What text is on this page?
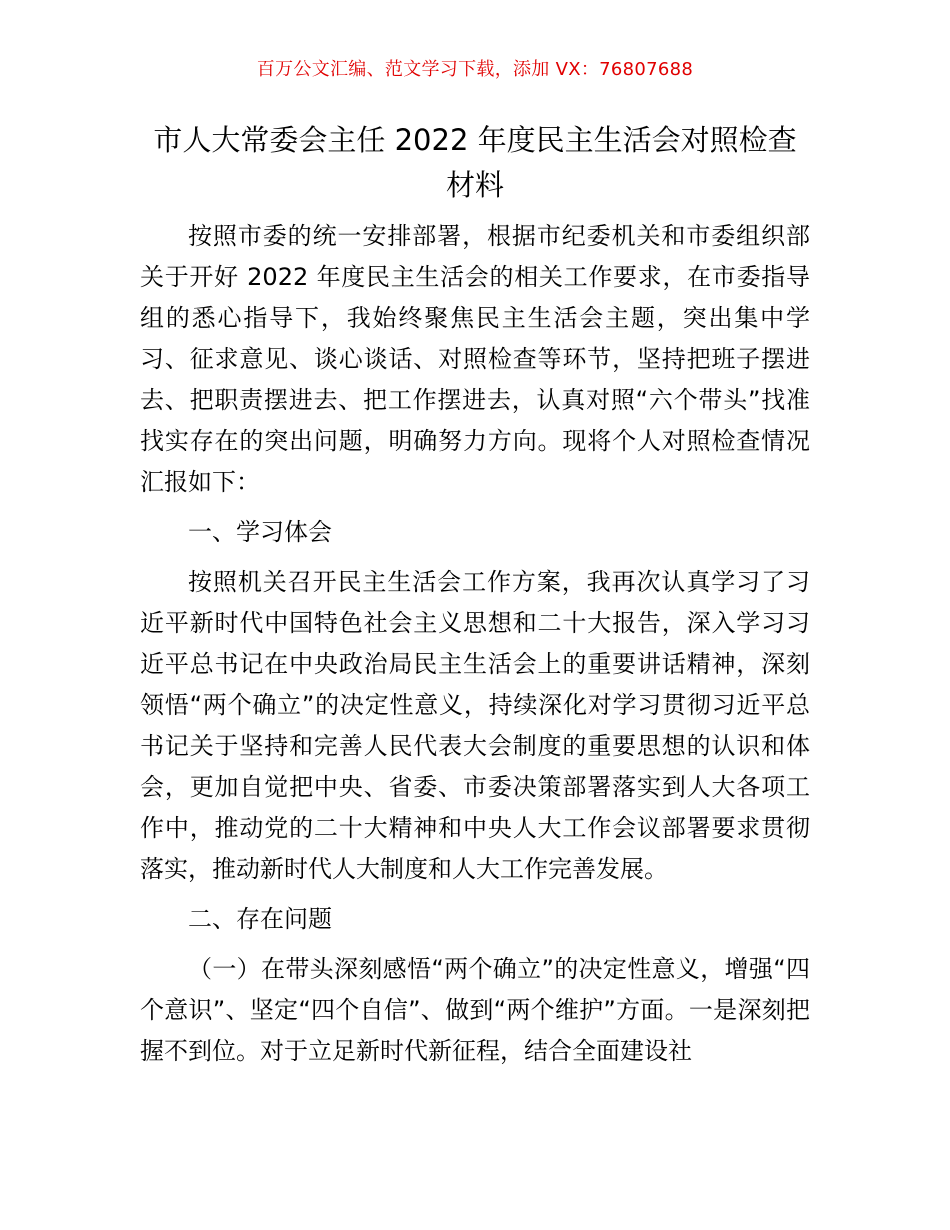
百万公文汇编、范文学习下载，添加 VX：76807688
市人大常委会主任 2022 年度民主生活会对照检查材料

按照市委的统一安排部署，根据市纪委机关和市委组织部关于开好 2022 年度民主生活会的相关工作要求，在市委指导组的悉心指导下，我始终聚焦民主生活会主题，突出集中学习、征求意见、谈心谈话、对照检查等环节，坚持把班子摆进去、把职责摆进去、把工作摆进去，认真对照“六个带头”找准找实存在的突出问题，明确努力方向。现将个人对照检查情况汇报如下：

一、学习体会

按照机关召开民主生活会工作方案，我再次认真学习了习近平新时代中国特色社会主义思想和二十大报告，深入学习习近平总书记在中央政治局民主生活会上的重要讲话精神，深刻领悟“两个确立”的决定性意义，持续深化对学习贯彻习近平总书记关于坚持和完善人民代表大会制度的重要思想的认识和体会，更加自觉把中央、省委、市委决策部署落实到人大各项工作中，推动党的二十大精神和中央人大工作会议部署要求贯彻落实，推动新时代人大制度和人大工作完善发展。

二、存在问题

（一）在带头深刻感悟“两个确立”的决定性意义，增强“四个意识”、坚定“四个自信”、做到“两个维护”方面。一是深刻把握不到位。对于立足新时代新征程，结合全面建设社
